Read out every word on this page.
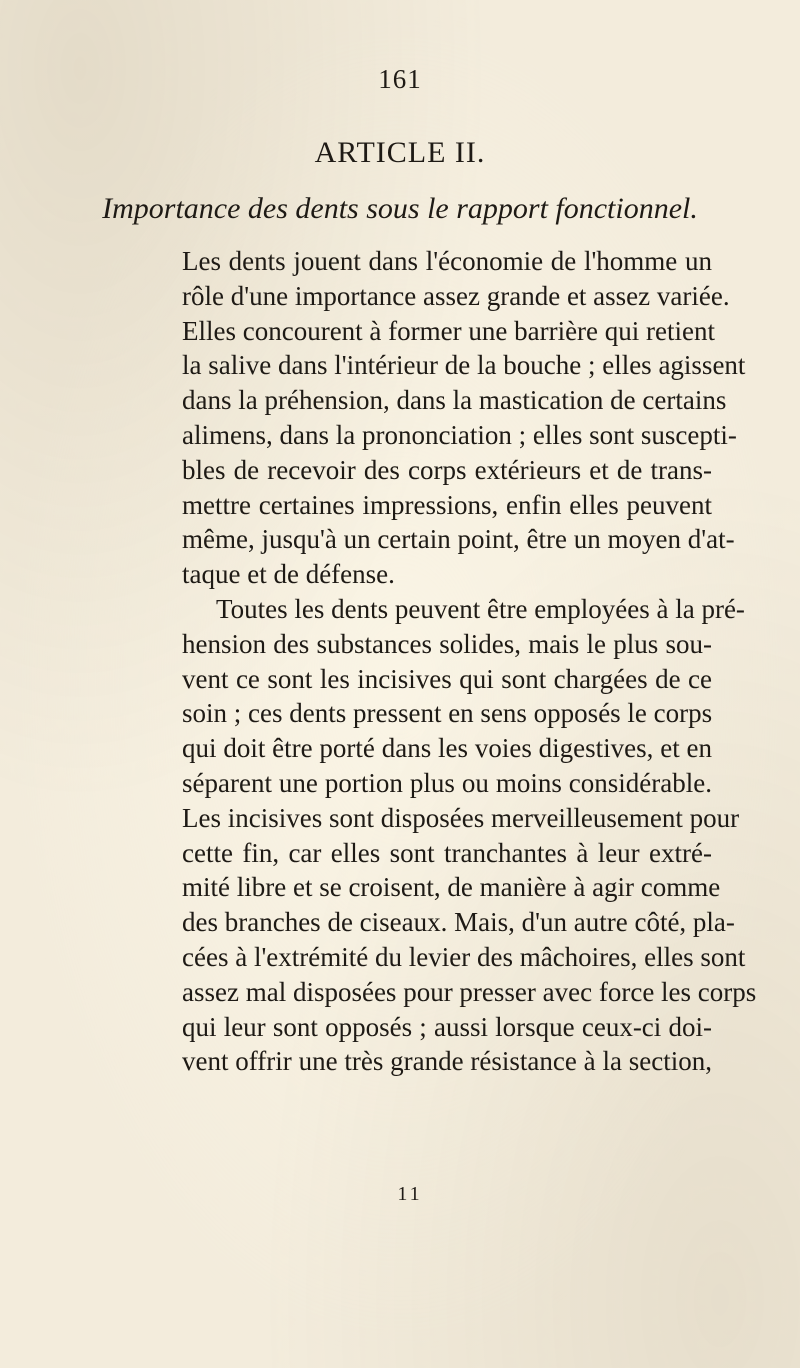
161
ARTICLE II.
Importance des dents sous le rapport fonctionnel.
Les dents jouent dans l'économie de l'homme un
rôle d'une importance assez grande et assez variée.
Elles concourent à former une barrière qui retient
la salive dans l'intérieur de la bouche ; elles agissent
dans la préhension, dans la mastication de certains
alimens, dans la prononciation ; elles sont suscepti-
bles de recevoir des corps extérieurs et de trans-
mettre certaines impressions, enfin elles peuvent
même, jusqu'à un certain point, être un moyen d'at-
taque et de défense.
Toutes les dents peuvent être employées à la pré-
hension des substances solides, mais le plus sou-
vent ce sont les incisives qui sont chargées de ce
soin ; ces dents pressent en sens opposés le corps
qui doit être porté dans les voies digestives, et en
séparent une portion plus ou moins considérable.
Les incisives sont disposées merveilleusement pour
cette fin, car elles sont tranchantes à leur extré-
mité libre et se croisent, de manière à agir comme
des branches de ciseaux. Mais, d'un autre côté, pla-
cées à l'extrémité du levier des mâchoires, elles sont
assez mal disposées pour presser avec force les corps
qui leur sont opposés ; aussi lorsque ceux-ci doi-
vent offrir une très grande résistance à la section,
11
